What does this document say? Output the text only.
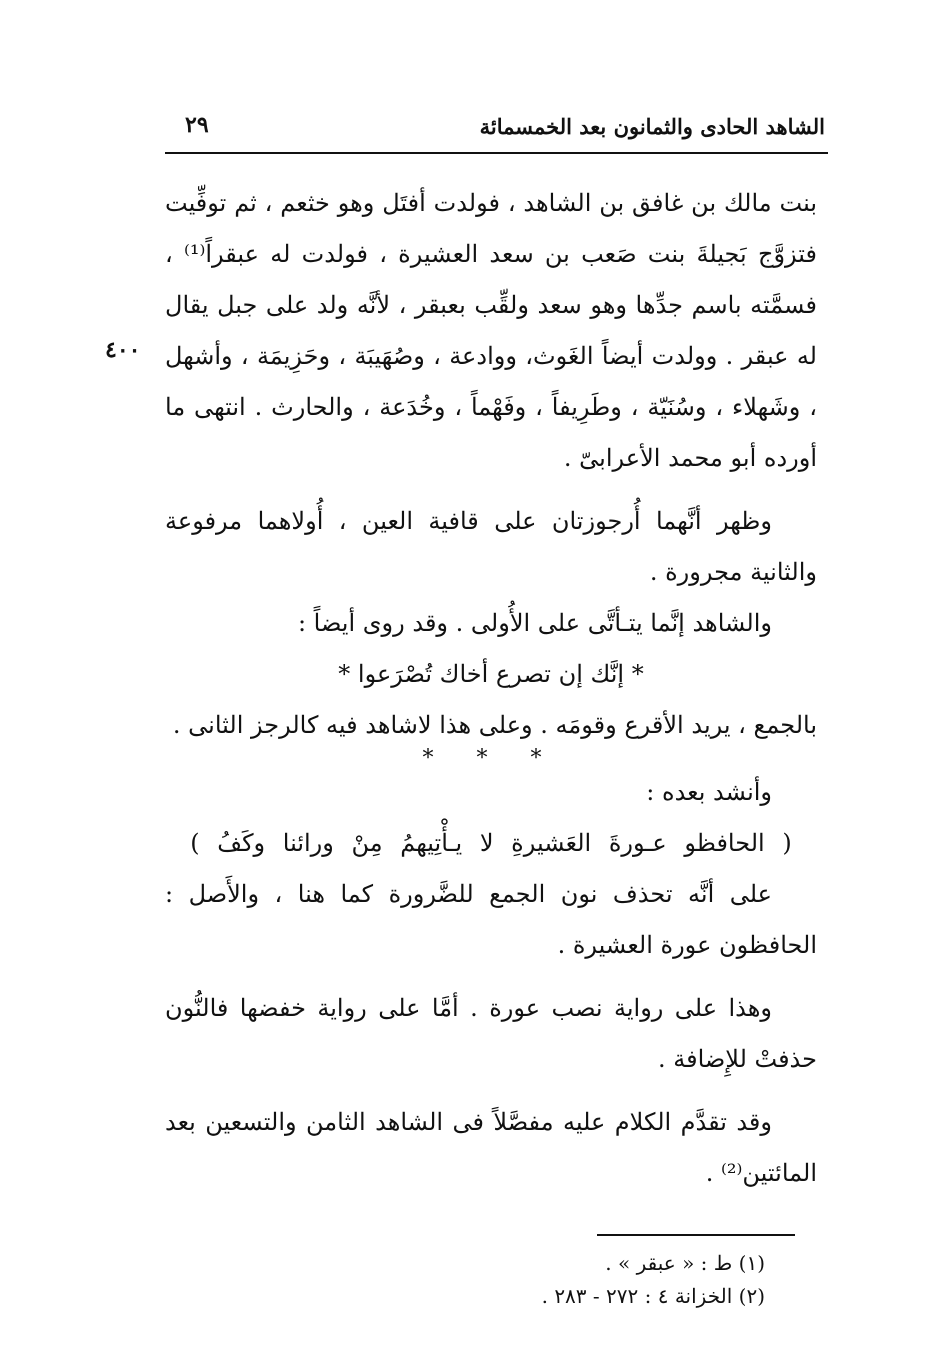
الشاهد الحادى والثمانون بعد الخمسمائة
٢٩
٤٠٠

بنت مالك بن غافق بن الشاهد ، فولدت أفتَل وهو خثعم ، ثم توفِّيت فتزوَّج بَجيلةَ بنت صَعب بن سعد العشيرة ، فولدت له عبقراً⁽¹⁾ ، فسمَّته باسم جدِّها وهو سعد ولقِّب بعبقر ، لأنَّه ولد على جبل يقال له عبقر . وولدت أيضاً الغَوث، ووادعة ، وصُهَيبَة ، وحَزِيمَة ، وأشهل ، وشَهلاء ، وسُنَيّة ، وطَرِيفاً ، وفَهْماً ، وخُدَعة ، والحارث . انتهى ما أورده أبو محمد الأعرابىّ .

وظهر أنَّهما أُرجوزتان على قافية العين ، أُولاهما مرفوعة والثانية مجرورة .

والشاهد إنَّما يتـأتَّى على الأُولى . وقد روى أيضاً :

* إنَّك إن تصرع أخاك تُصْرَعوا *

بالجمع ، يريد الأقرع وقومَه . وعلى هذا لاشاهد فيه كالرجز الثانى .

* * *

وأنشد بعده :

( الحافظو عـورةَ العَشيرةِ لا يـأْتِيهمُ مِنْ ورائنا وكَفُ )

على أنَّه تحذف نون الجمع للضَّرورة كما هنا ، والأَصل : الحافظون عورة العشيرة .

وهذا على رواية نصب عورة . أمَّا على رواية خفضها فالنُّون حذفتْ للإِضافة .

وقد تقدَّم الكلام عليه مفصَّلاً فى الشاهد الثامن والتسعين بعد المائتين⁽²⁾ .

(١) ط : « عبقر » .

(٢) الخزانة ٤ : ٢٧٢ - ٢٨٣ .
